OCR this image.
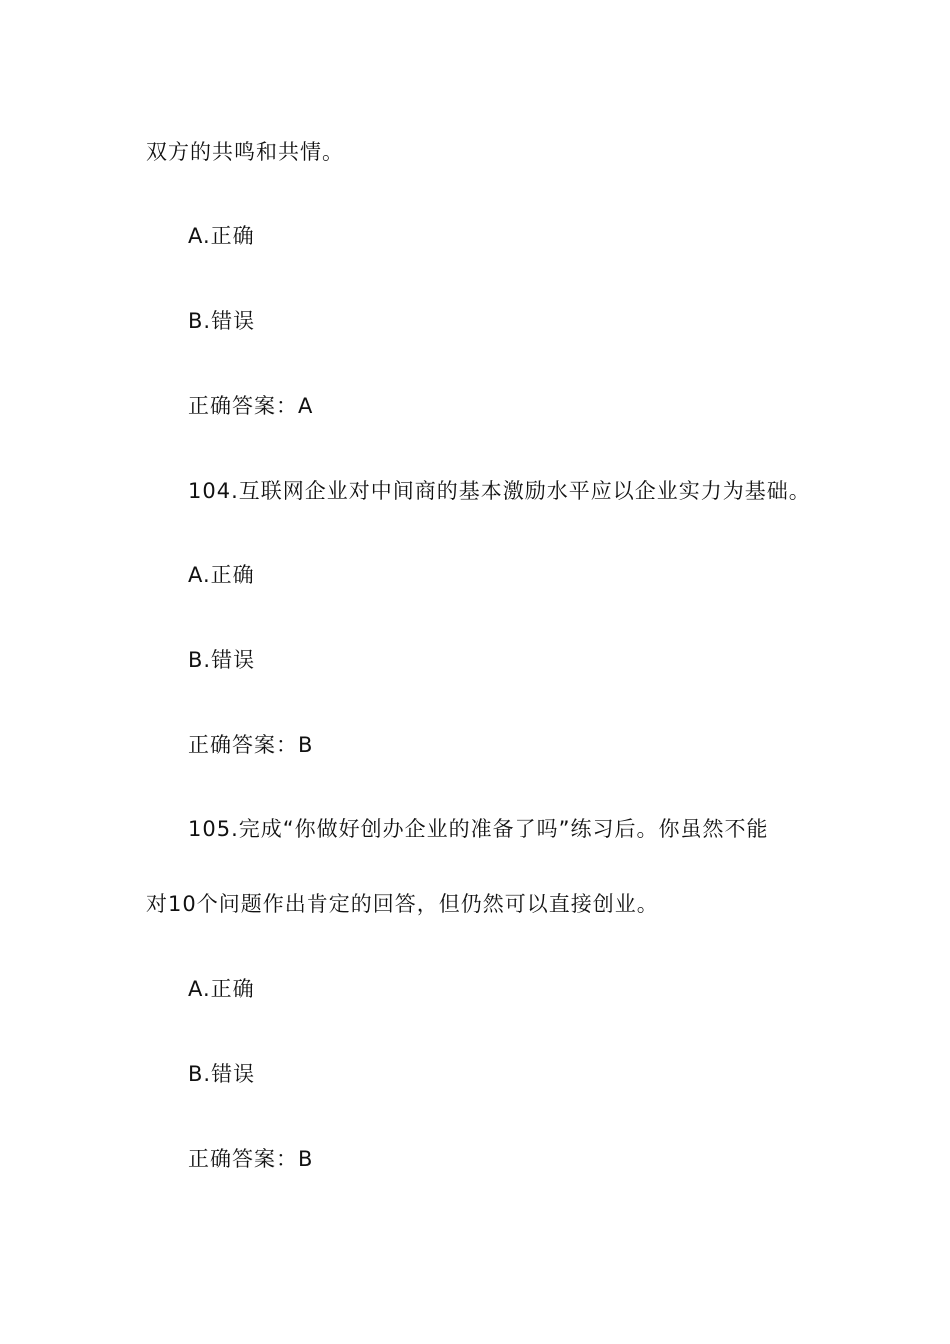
双方的共鸣和共情。
A.正确
B.错误
正确答案：A
104.互联网企业对中间商的基本激励水平应以企业实力为基础。
A.正确
B.错误
正确答案：B
105.完成“你做好创办企业的准备了吗”练习后。你虽然不能
对10个问题作出肯定的回答，但仍然可以直接创业。
A.正确
B.错误
正确答案：B
